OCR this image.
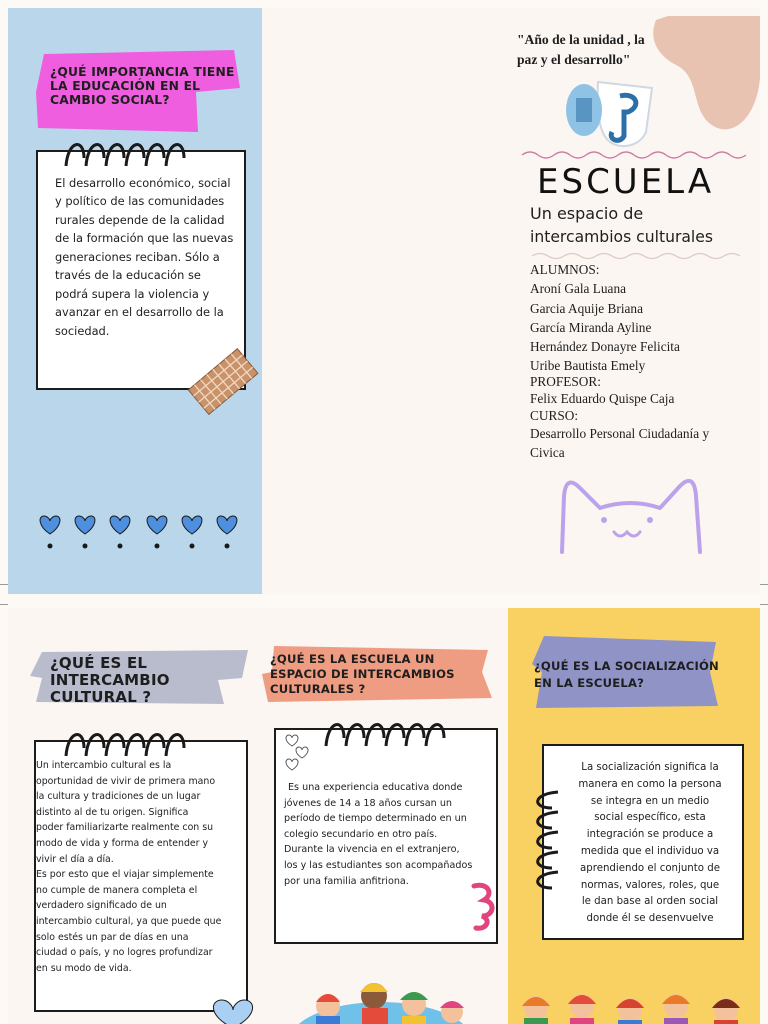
¿QUÉ IMPORTANCIA TIENE LA EDUCACIÓN EN EL CAMBIO SOCIAL?
El desarrollo económico, social y político de las comunidades rurales depende de la calidad de la formación que las nuevas generaciones reciban. Sólo a través de la educación se podrá supera la violencia y avanzar en el desarrollo de la sociedad.
"Año de la unidad , la paz y el desarrollo"
ESCUELA
Un espacio de
intercambios culturales
ALUMNOS:
Aroní Gala Luana
Garcia Aquije Briana
García Miranda Ayline
Hernández Donayre Felicita
Uribe Bautista Emely
PROFESOR:
Felix Eduardo Quispe Caja
CURSO:
Desarrollo Personal Ciudadanía y
Civica
¿QUÉ ES EL INTERCAMBIO CULTURAL ?
Un intercambio cultural es la
oportunidad de vivir de primera mano
la cultura y tradiciones de un lugar
distinto al de tu origen. Significa
poder familiarizarte realmente con su
modo de vida y forma de entender y
vivir el día a día.
Es por esto que el viajar simplemente
no cumple de manera completa el
verdadero significado de un
intercambio cultural, ya que puede que
solo estés un par de días en una
ciudad o país, y no logres profundizar
en su modo de vida.
¿QUÉ ES LA ESCUELA UN ESPACIO DE INTERCAMBIOS CULTURALES ?
Es una experiencia educativa donde
jóvenes de 14 a 18 años cursan un
período de tiempo determinado en un
colegio secundario en otro país.
Durante la vivencia en el extranjero,
los y las estudiantes son acompañados
por una familia anfitriona.
¿QUÉ ES LA SOCIALIZACIÓN EN LA ESCUELA?
La socialización significa la
manera en como la persona
se integra en un medio
social específico, esta
integración se produce a
medida que el individuo va
aprendiendo el conjunto de
normas, valores, roles, que
le dan base al orden social
donde él se desenvuelve
